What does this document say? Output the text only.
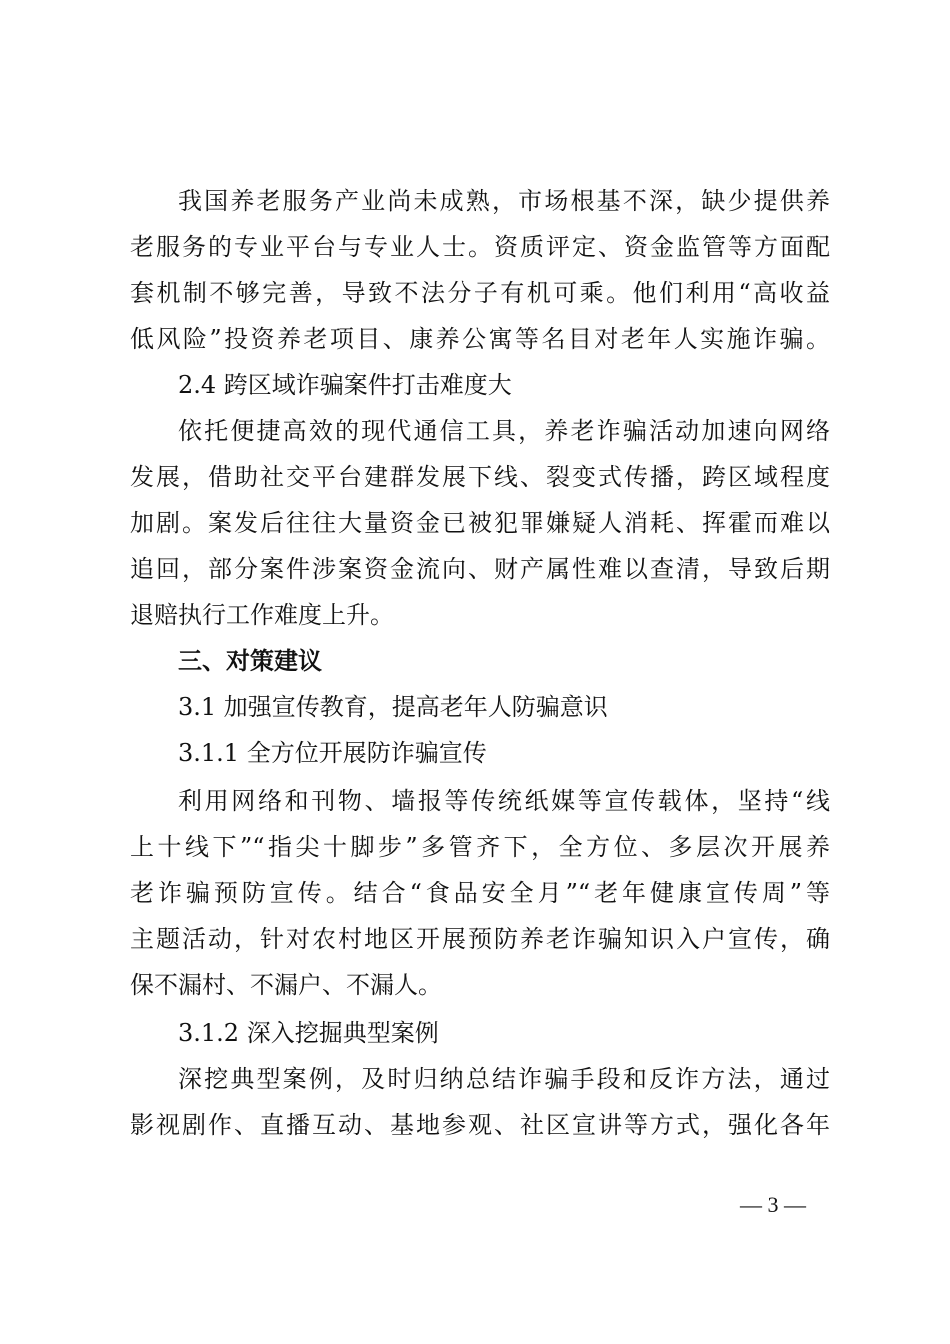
我国养老服务产业尚未成熟，市场根基不深，缺少提供养
老服务的专业平台与专业人士。资质评定、资金监管等方面配
套机制不够完善，导致不法分子有机可乘。他们利用“高收益
低风险”投资养老项目、康养公寓等名目对老年人实施诈骗。
2.4 跨区域诈骗案件打击难度大
依托便捷高效的现代通信工具，养老诈骗活动加速向网络
发展，借助社交平台建群发展下线、裂变式传播，跨区域程度
加剧。案发后往往大量资金已被犯罪嫌疑人消耗、挥霍而难以
追回，部分案件涉案资金流向、财产属性难以查清，导致后期
退赔执行工作难度上升。
三、对策建议
3.1 加强宣传教育，提高老年人防骗意识
3.1.1 全方位开展防诈骗宣传
利用网络和刊物、墙报等传统纸媒等宣传载体，坚持“线
上十线下”“指尖十脚步”多管齐下，全方位、多层次开展养
老诈骗预防宣传。结合“食品安全月”“老年健康宣传周”等
主题活动，针对农村地区开展预防养老诈骗知识入户宣传，确
保不漏村、不漏户、不漏人。
3.1.2 深入挖掘典型案例
深挖典型案例，及时归纳总结诈骗手段和反诈方法，通过
影视剧作、直播互动、基地参观、社区宣讲等方式，强化各年
— 3 —
